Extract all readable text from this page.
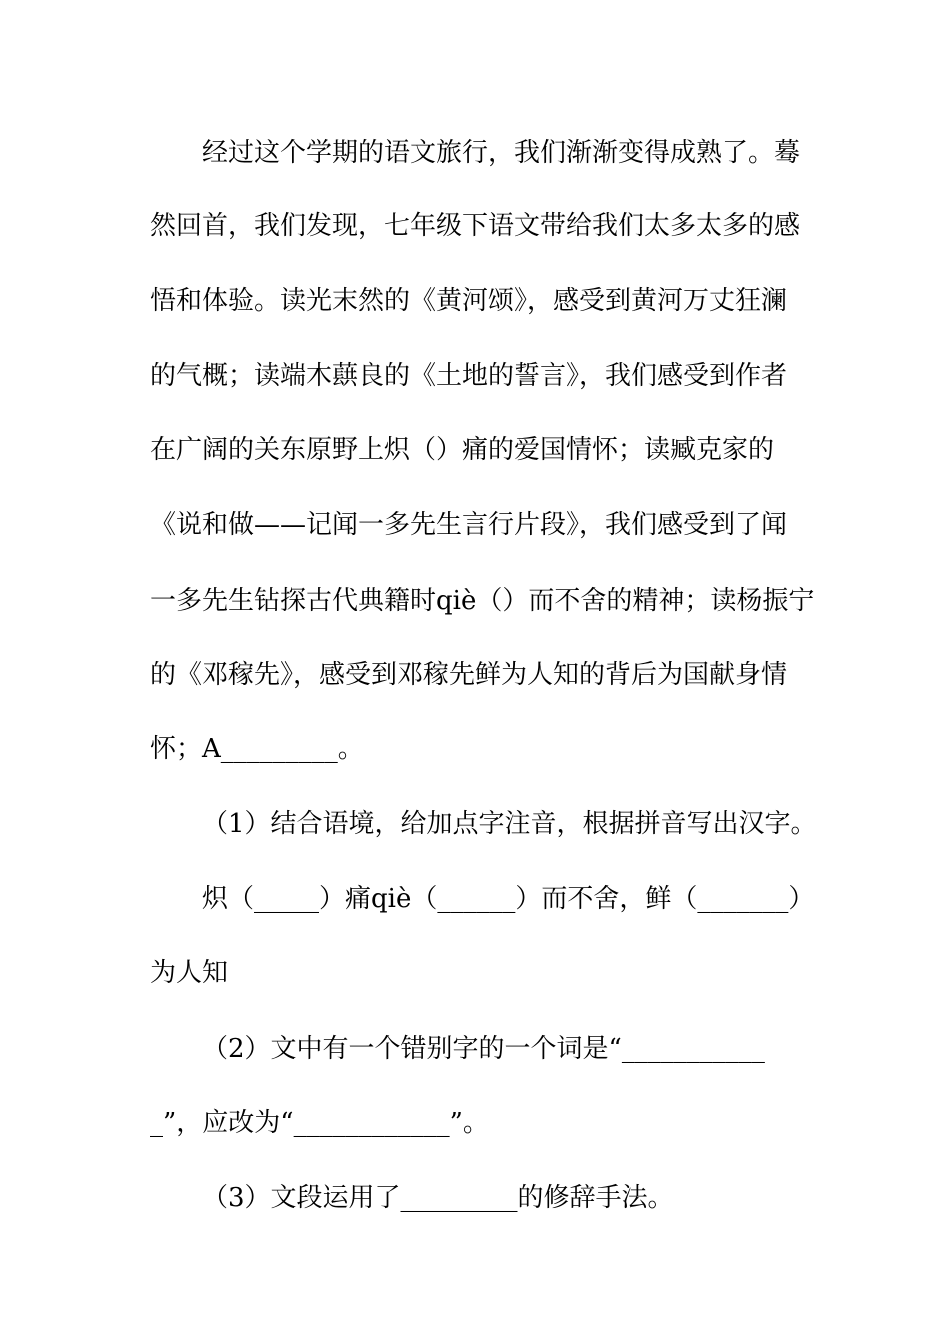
经过这个学期的语文旅行，我们渐渐变得成熟了。蓦
然回首，我们发现，七年级下语文带给我们太多太多的感
悟和体验。读光末然的《黄河颂》，感受到黄河万丈狂澜
的气概；读端木蕻良的《土地的誓言》，我们感受到作者
在广阔的关东原野上炽（）痛的爱国情怀；读臧克家的
《说和做——记闻一多先生言行片段》，我们感受到了闻
一多先生钻探古代典籍时qiè（）而不舍的精神；读杨振宁
的《邓稼先》，感受到邓稼先鲜为人知的背后为国献身情
怀；A_________。
（1）结合语境，给加点字注音，根据拼音写出汉字。
炽（_____）痛qiè（______）而不舍，鲜（_______）
为人知
（2）文中有一个错别字的一个词是“___________
_”，应改为“____________”。
（3）文段运用了_________的修辞手法。
